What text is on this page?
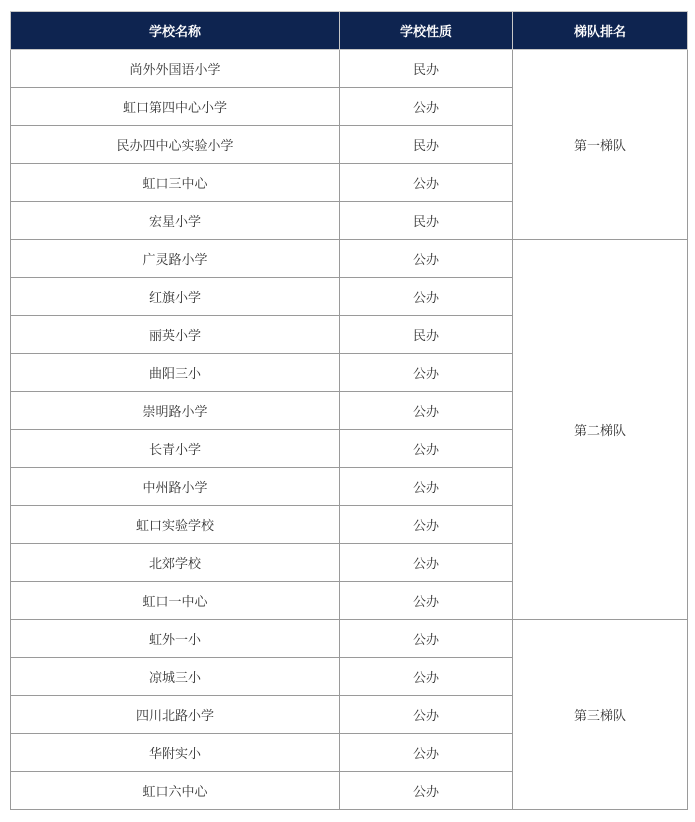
学校名称	学校性质	梯队排名
尚外外国语小学	民办	第一梯队
虹口第四中心小学	公办	
民办四中心实验小学	民办	
虹口三中心	公办	
宏星小学	民办	
广灵路小学	公办	第二梯队
红旗小学	公办	
丽英小学	民办	
曲阳三小	公办	
崇明路小学	公办	
长青小学	公办	
中州路小学	公办	
虹口实验学校	公办	
北郊学校	公办	
虹口一中心	公办	
虹外一小	公办	第三梯队
凉城三小	公办	
四川北路小学	公办	
华附实小	公办	
虹口六中心	公办	
